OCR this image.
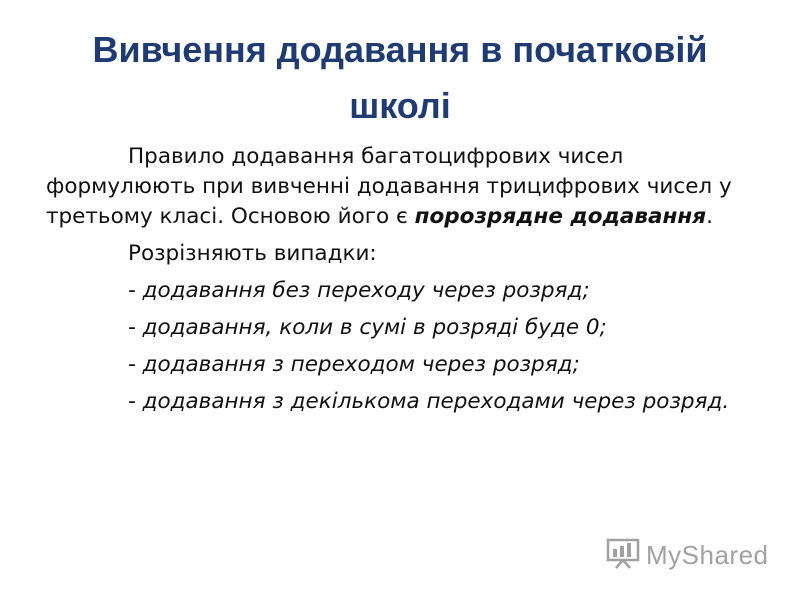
Вивчення додавання в початковій школі

Правило додавання багатоцифрових чисел формулюють при вивченні додавання трицифрових чисел у третьому класі. Основою його є порозрядне додавання.

Розрізняють випадки:

- додавання без переходу через розряд;

- додавання, коли в сумі в розряді буде 0;

- додавання з переходом через розряд;

- додавання з декількома переходами через розряд.

MyShared
